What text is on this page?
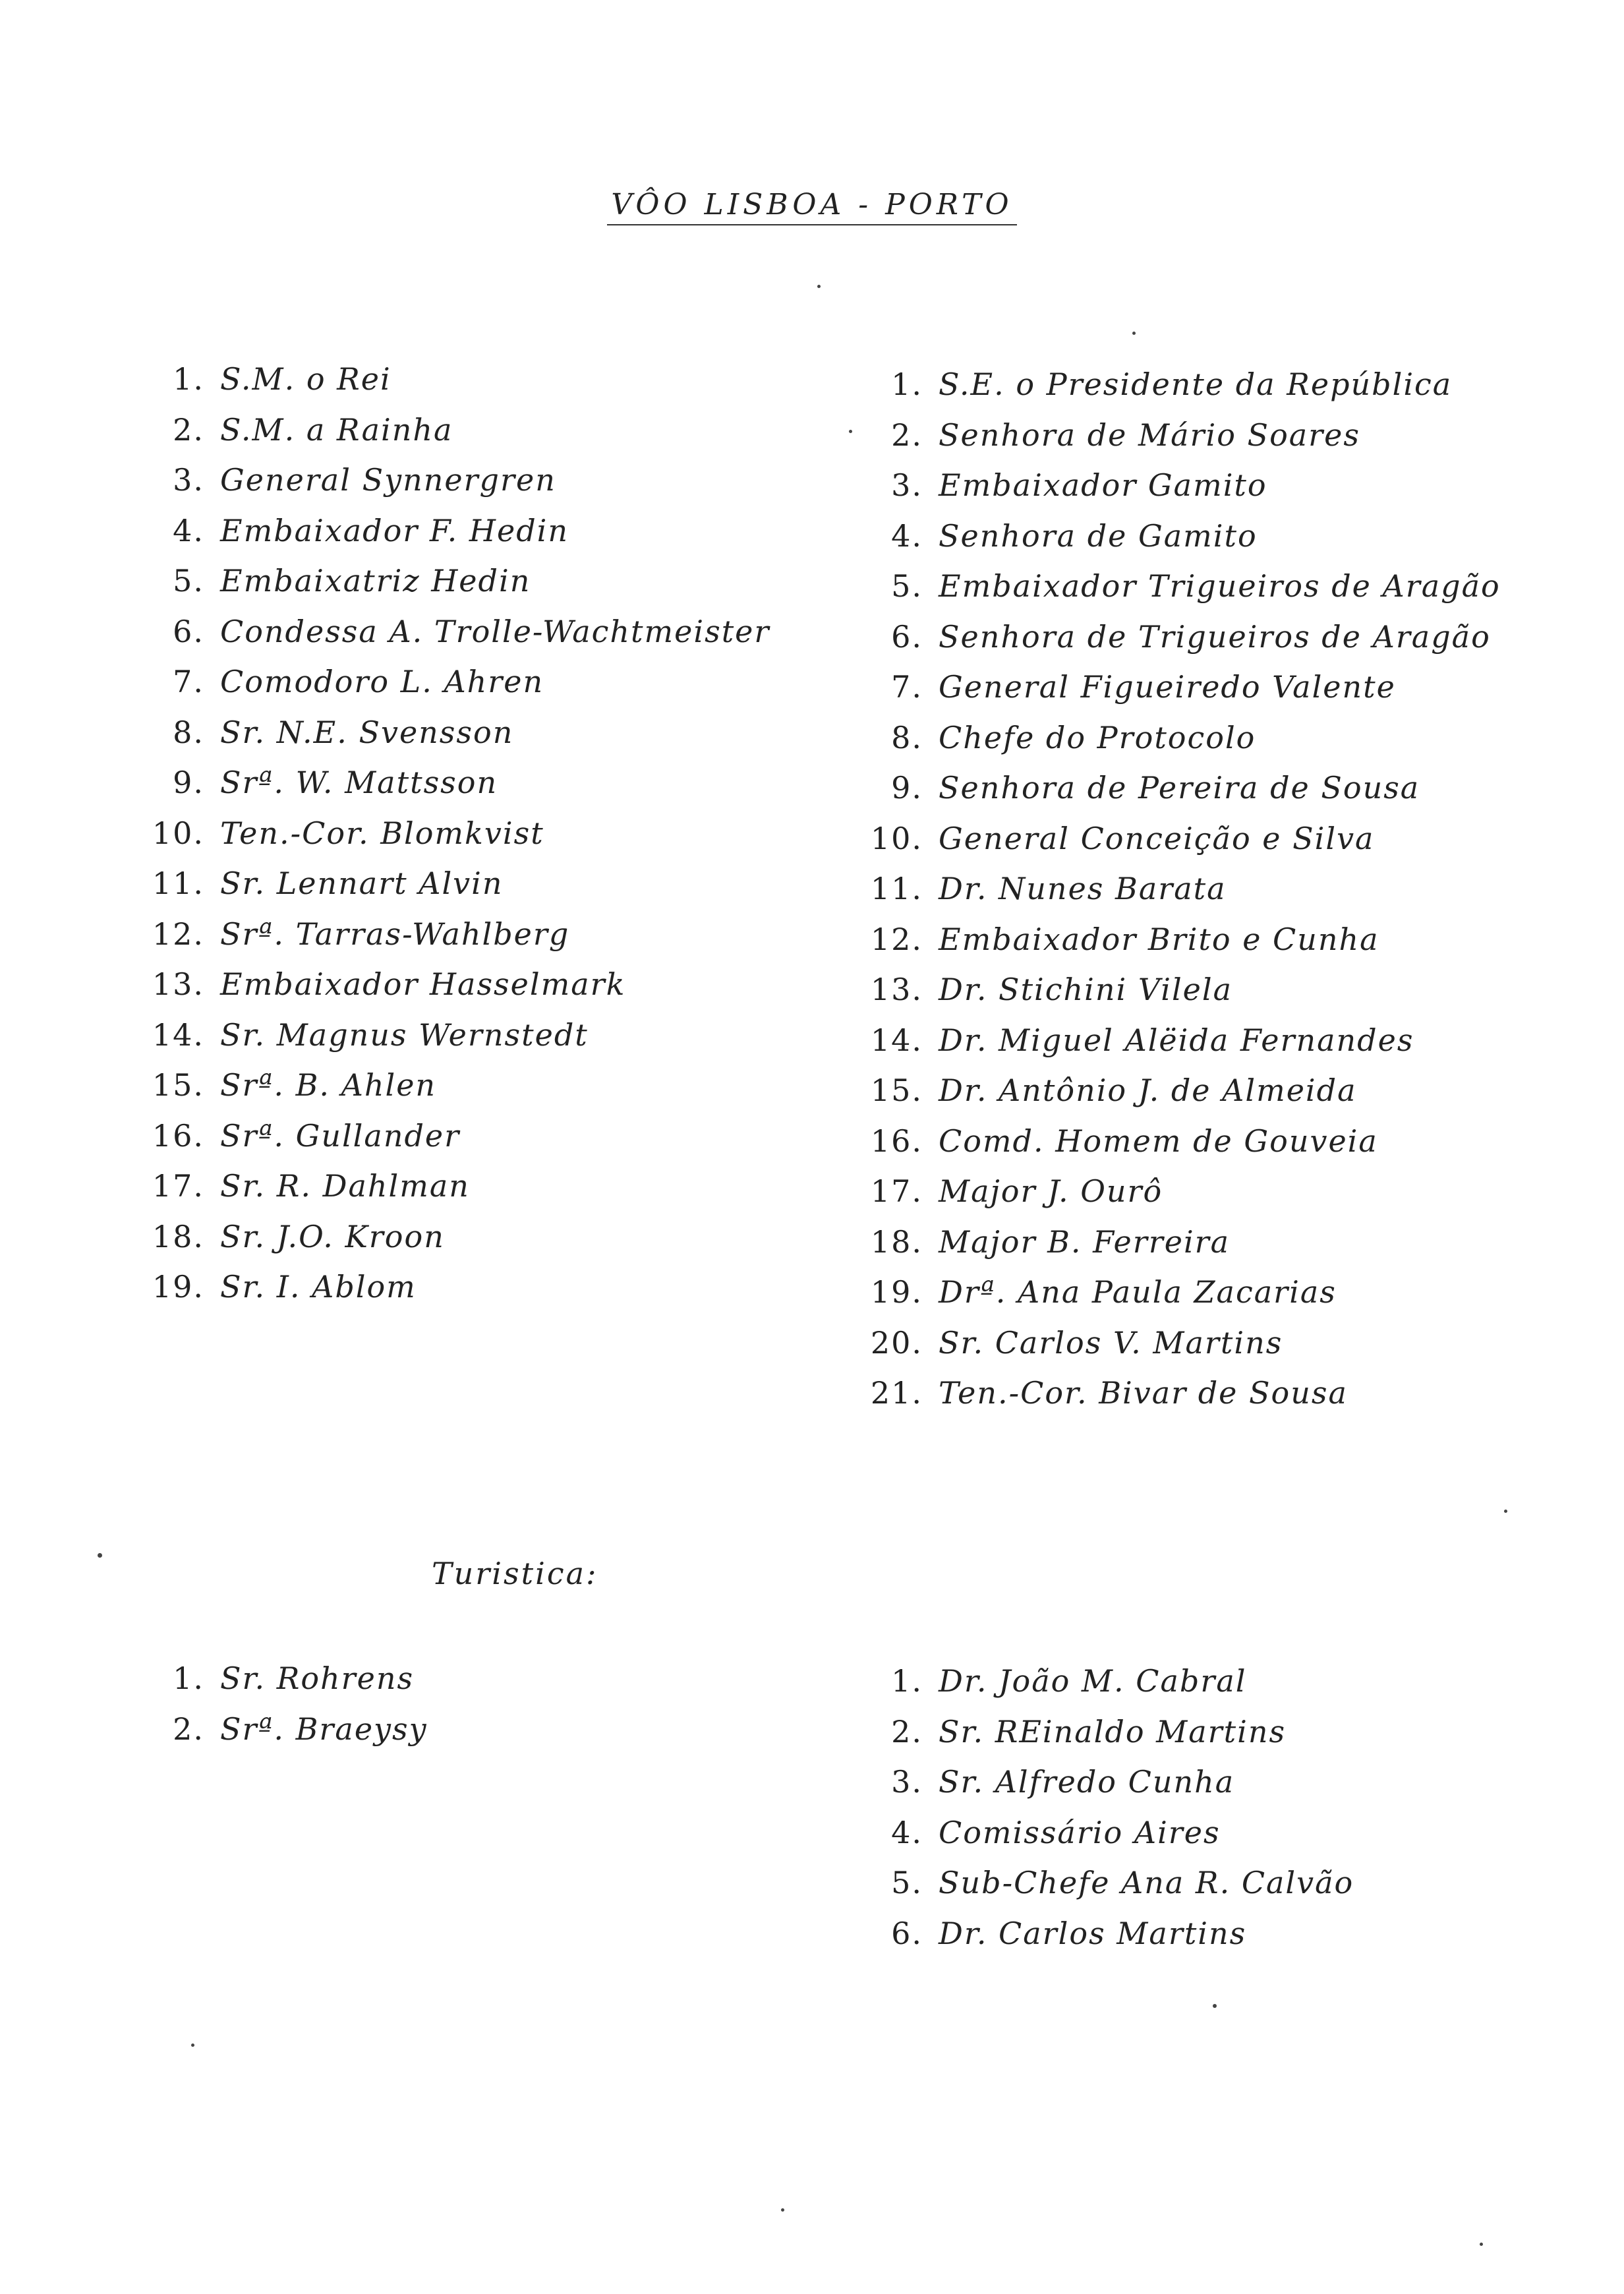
VÔO LISBOA - PORTO
1. S.M. o Rei
2. S.M. a Rainha
3. General Synnergren
4. Embaixador F. Hedin
5. Embaixatriz Hedin
6. Condessa A. Trolle-Wachtmeister
7. Comodoro L. Ahren
8. Sr. N.E. Svensson
9. Srª. W. Mattsson
10. Ten.-Cor. Blomkvist
11. Sr. Lennart Alvin
12. Srª. Tarras-Wahlberg
13. Embaixador Hasselmark
14. Sr. Magnus Wernstedt
15. Srª. B. Ahlen
16. Srª. Gullander
17. Sr. R. Dahlman
18. Sr. J.O. Kroon
19. Sr. I. Ablom
1. S.E. o Presidente da República
2. Senhora de Mário Soares
3. Embaixador Gamito
4. Senhora de Gamito
5. Embaixador Trigueiros de Aragão
6. Senhora de Trigueiros de Aragão
7. General Figueiredo Valente
8. Chefe do Protocolo
9. Senhora de Pereira de Sousa
10. General Conceição e Silva
11. Dr. Nunes Barata
12. Embaixador Brito e Cunha
13. Dr. Stichini Vilela
14. Dr. Miguel Alëida Fernandes
15. Dr. Antônio J. de Almeida
16. Comd. Homem de Gouveia
17. Major J. Ourô
18. Major B. Ferreira
19. Drª. Ana Paula Zacarias
20. Sr. Carlos V. Martins
21. Ten.-Cor. Bivar de Sousa
Turistica:
1. Sr. Rohrens
2. Srª. Braeysy
1. Dr. João M. Cabral
2. Sr. REinaldo Martins
3. Sr. Alfredo Cunha
4. Comissário Aires
5. Sub-Chefe Ana R. Calvão
6. Dr. Carlos Martins
